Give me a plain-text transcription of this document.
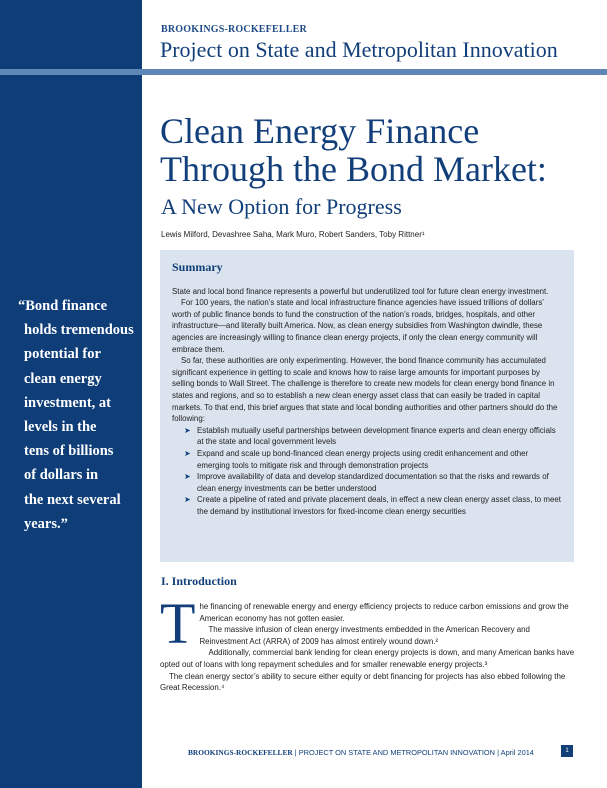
BROOKINGS-ROCKEFELLER
Project on State and Metropolitan Innovation
Clean Energy Finance
Through the Bond Market:
A New Option for Progress
Lewis Milford, Devashree Saha, Mark Muro, Robert Sanders, Toby Rittner¹
“Bond finance
holds tremendous
potential for
clean energy
investment, at
levels in the
tens of billions
of dollars in
the next several
years.”
Summary

State and local bond finance represents a powerful but underutilized tool for future clean energy investment.

For 100 years, the nation’s state and local infrastructure finance agencies have issued trillions of dollars’ worth of public finance bonds to fund the construction of the nation’s roads, bridges, hospitals, and other infrastructure—and literally built America. Now, as clean energy subsidies from Washington dwindle, these agencies are increasingly willing to finance clean energy projects, if only the clean energy community will embrace them.

So far, these authorities are only experimenting. However, the bond finance community has accumulated significant experience in getting to scale and knows how to raise large amounts for important purposes by selling bonds to Wall Street. The challenge is therefore to create new models for clean energy bond finance in states and regions, and so to establish a new clean energy asset class that can easily be traded in capital markets. To that end, this brief argues that state and local bonding authorities and other partners should do the following:

➤ Establish mutually useful partnerships between development finance experts and clean energy officials at the state and local government levels
➤ Expand and scale up bond-financed clean energy projects using credit enhancement and other emerging tools to mitigate risk and through demonstration projects
➤ Improve availability of data and develop standardized documentation so that the risks and rewards of clean energy investments can be better understood
➤ Create a pipeline of rated and private placement deals, in effect a new clean energy asset class, to meet the demand by institutional investors for fixed-income clean energy securities
I. Introduction
T he financing of renewable energy and energy efficiency projects to reduce carbon emissions and grow the American economy has not gotten easier.

The massive infusion of clean energy investments embedded in the American Recovery and Reinvestment Act (ARRA) of 2009 has almost entirely wound down.²

Additionally, commercial bank lending for clean energy projects is down, and many American banks have opted out of loans with long repayment schedules and for smaller renewable energy projects.³

The clean energy sector’s ability to secure either equity or debt financing for projects has also ebbed following the Great Recession.⁴

BROOKINGS-ROCKEFELLER | PROJECT ON STATE AND METROPOLITAN INNOVATION | April 2014	1
